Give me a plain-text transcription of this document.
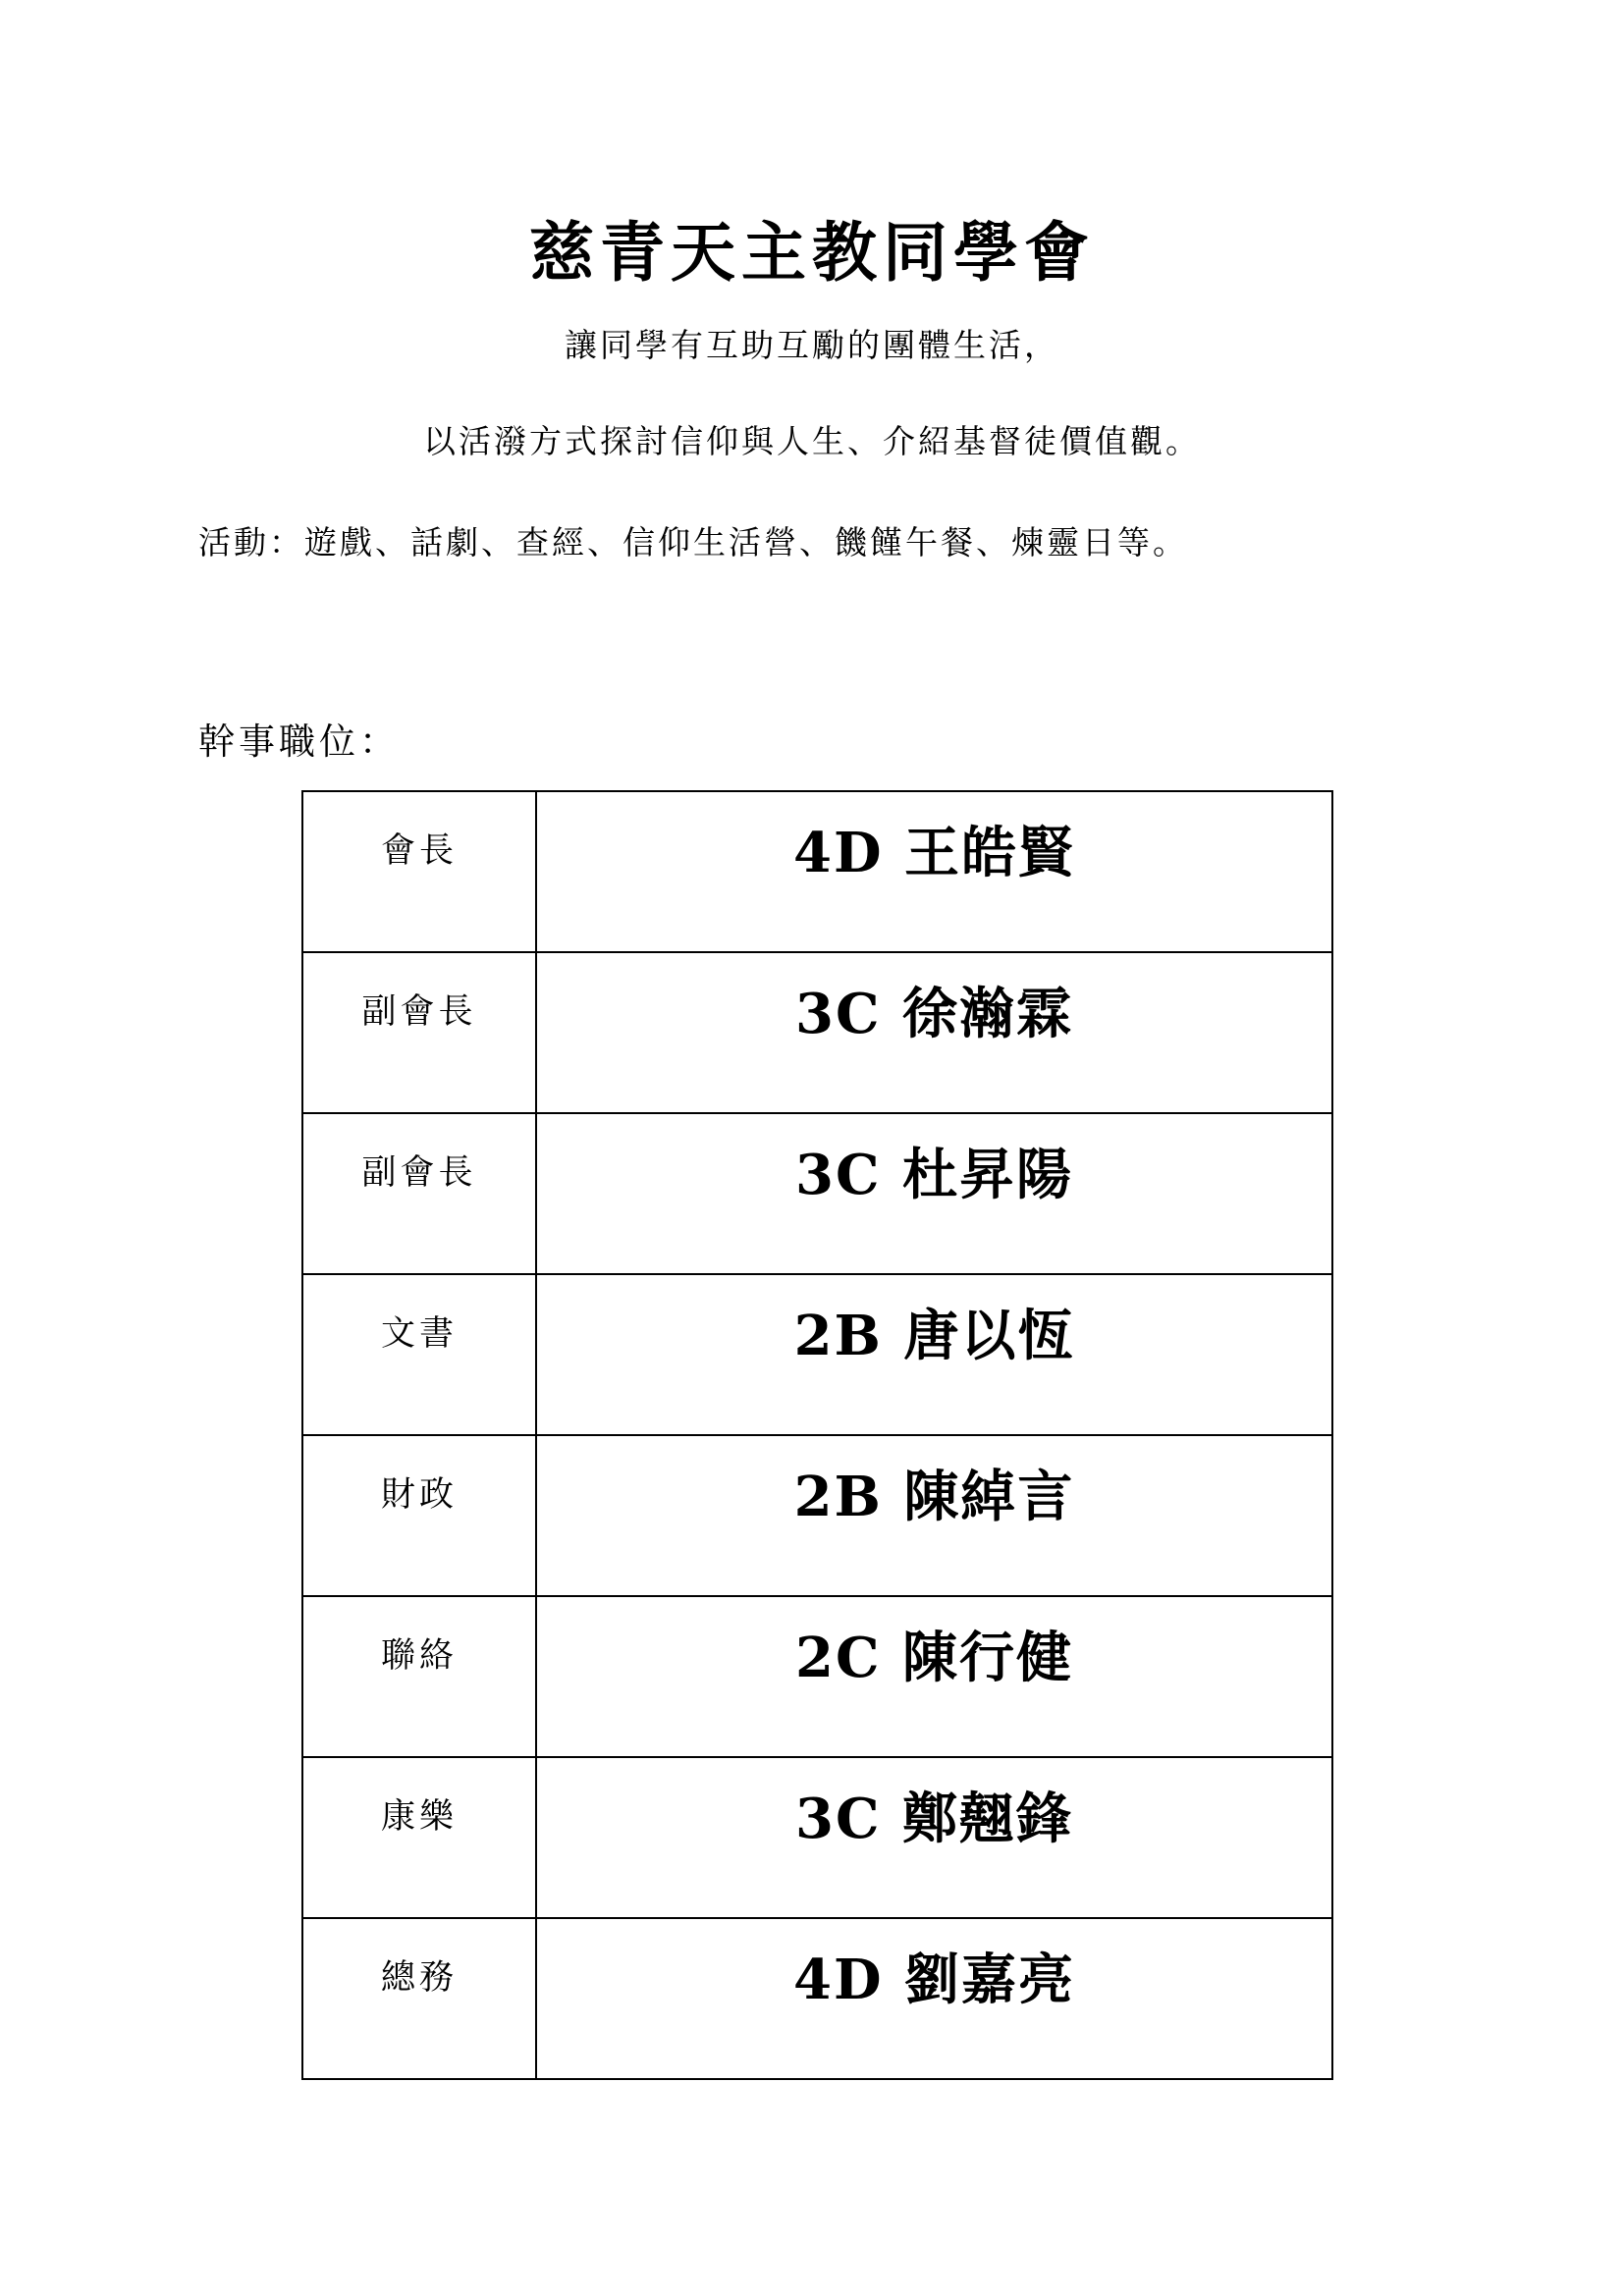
慈青天主教同學會
讓同學有互助互勵的團體生活，
以活潑方式探討信仰與人生、介紹基督徒價值觀。
活動：遊戲、話劇、查經、信仰生活營、饑饉午餐、煉靈日等。
幹事職位：
會長	4D 王皓賢
副會長	3C 徐瀚霖
副會長	3C 杜昇陽
文書	2B 唐以恆
財政	2B 陳綽言
聯絡	2C 陳行健
康樂	3C 鄭翹鋒
總務	4D 劉嘉亮
